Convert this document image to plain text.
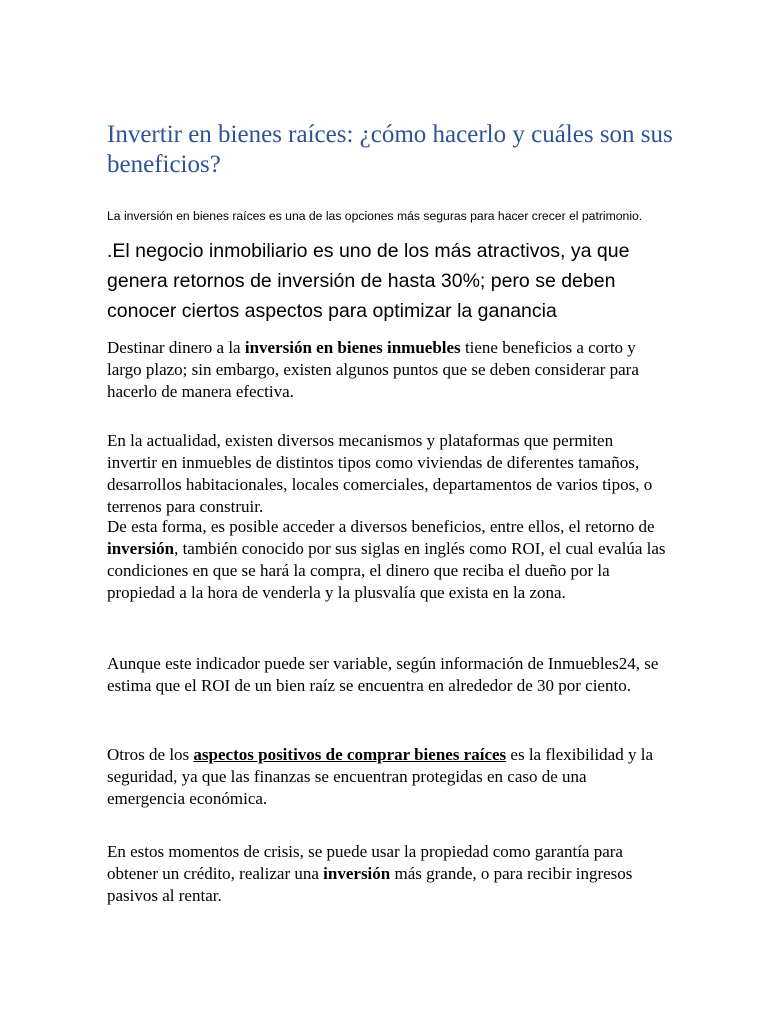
Invertir en bienes raíces: ¿cómo hacerlo y cuáles son sus beneficios?

La inversión en bienes raíces es una de las opciones más seguras para hacer crecer el patrimonio.

.El negocio inmobiliario es uno de los más atractivos, ya que genera retornos de inversión de hasta 30%; pero se deben conocer ciertos aspectos para optimizar la ganancia

Destinar dinero a la inversión en bienes inmuebles tiene beneficios a corto y largo plazo; sin embargo, existen algunos puntos que se deben considerar para hacerlo de manera efectiva.

En la actualidad, existen diversos mecanismos y plataformas que permiten invertir en inmuebles de distintos tipos como viviendas de diferentes tamaños, desarrollos habitacionales, locales comerciales, departamentos de varios tipos, o terrenos para construir.

De esta forma, es posible acceder a diversos beneficios, entre ellos, el retorno de inversión, también conocido por sus siglas en inglés como ROI, el cual evalúa las condiciones en que se hará la compra, el dinero que reciba el dueño por la propiedad a la hora de venderla y la plusvalía que exista en la zona.

Aunque este indicador puede ser variable, según información de Inmuebles24, se estima que el ROI de un bien raíz se encuentra en alrededor de 30 por ciento.

Otros de los aspectos positivos de comprar bienes raíces es la flexibilidad y la seguridad, ya que las finanzas se encuentran protegidas en caso de una emergencia económica.

En estos momentos de crisis, se puede usar la propiedad como garantía para obtener un crédito, realizar una inversión más grande, o para recibir ingresos pasivos al rentar.
